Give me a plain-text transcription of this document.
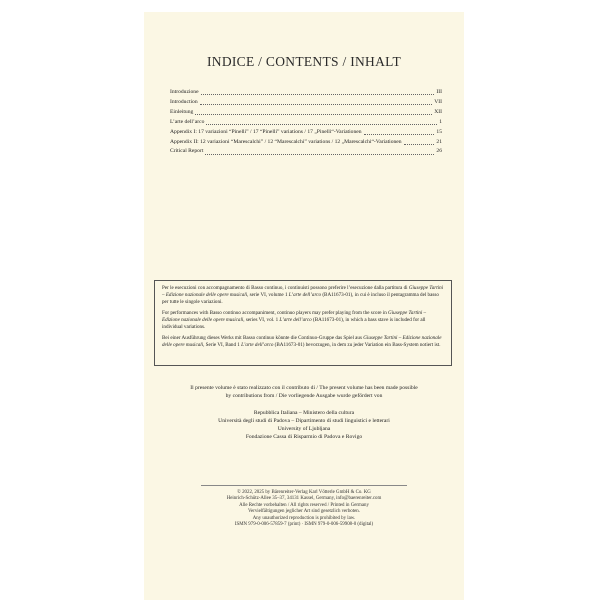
INDICE / CONTENTS / INHALT
Introduzione	III
Introduction	VII
Einleitung	XII
L’arte dell’arco	1
Appendix I: 17 variazioni “Pinelli” / 17 “Pinelli” variations / 17 „Pinelli“-Variationen	15
Appendix II: 12 variazioni “Marescalchi” / 12 “Marescalchi” variations / 12 „Marescalchi“-Variationen	21
Critical Report	26

Per le esecuzioni con accompagnamento di Basso continuo, i continuisti possono preferire l’esecuzione dalla partitura di Giuseppe Tartini – Edizione nazionale delle opere musicali, serie VI, volume 1 L’arte dell’arco (BA11673-01), in cui è incluso il pentagramma del basso per tutte le singole variazioni.

For performances with Basso continuo accompaniment, continuo players may prefer playing from the score in Giuseppe Tartini – Edizione nazionale delle opere musicali, series VI, vol. 1 L’arte dell’arco (BA11673-01), in which a bass stave is included for all individual variations.

Bei einer Ausführung dieses Werks mit Basso continuo könnte die Continuo-Gruppe das Spiel aus Giuseppe Tartini – Edizione nazionale delle opere musicali, Serie VI, Band 1 L’arte dell’arco (BA11673-01) bevorzugen, in dem zu jeder Variation ein Bass-System notiert ist.

Il presente volume è stato realizzato con il contributo di / The present volume has been made possible
by contributions from / Die vorliegende Ausgabe wurde gefördert von
Repubblica Italiana – Ministero della cultura
Università degli studi di Padova – Dipartimento di studi linguistici e letterari
University of Ljubljana
Fondazione Cassa di Risparmio di Padova e Rovigo
© 2022, 2025 by Bärenreiter-Verlag Karl Vötterle GmbH & Co. KG
Heinrich-Schütz-Allee 35–37, 34131 Kassel, Germany, info@baerenreiter.com
Alle Rechte vorbehalten / All rights reserved / Printed in Germany
Vervielfältigungen jeglicher Art sind gesetzlich verboten.
Any unauthorized reproduction is prohibited by law.
ISMN 979-0-006-57859-7 (print) · ISMN 979-0-006-59908-0 (digital)
